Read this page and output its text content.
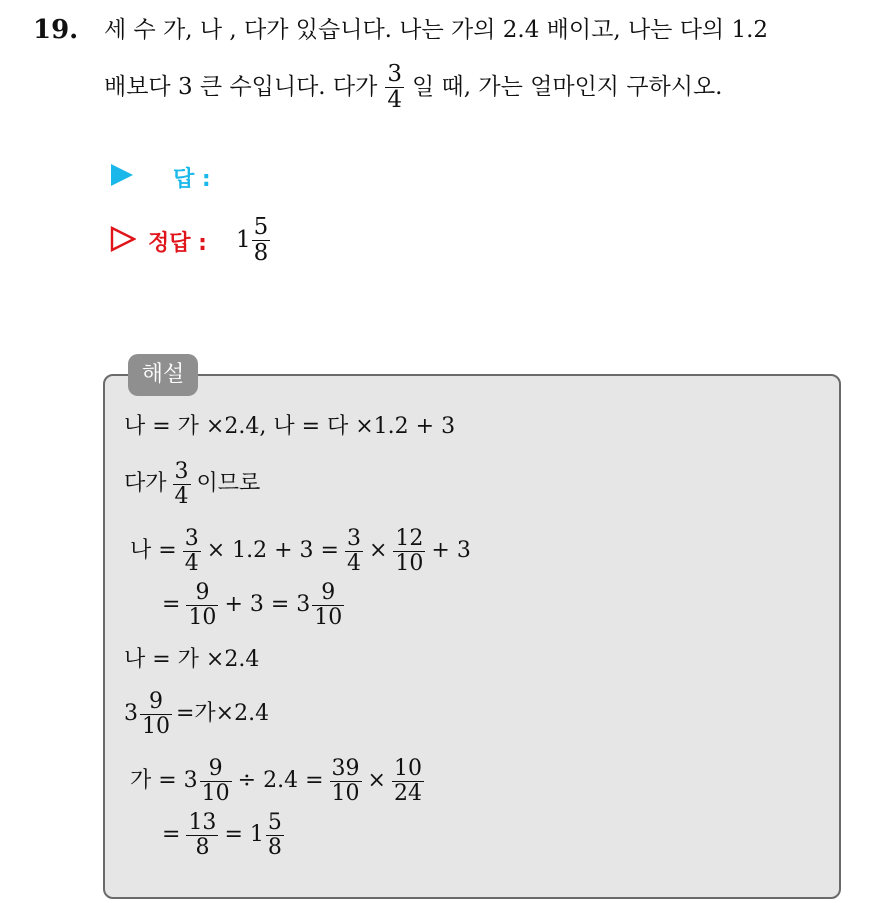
19. 세 수 가, 나 , 다가 있습니다. 나는 가의 2.4 배이고, 나는 다의 1.2
배보다 3 큰 수입니다. 다가 $\frac{3}{4}$ 일 때, 가는 얼마인지 구하시오.
답 :
정답 : $1 \frac{5}{8}$
해설
나 = 가 ×2.4, 나 = 다 ×1.2 + 3
다가 $\frac{3}{4}$ 이므로
나 = $\frac{3}{4} \times 1.2 + 3 = \frac{3}{4} \times \frac{12}{10} + 3$
= $\frac{9}{10} + 3 = 3 \frac{9}{10}$
나 = 가 ×2.4
$3 \frac{9}{10}$ =가×2.4
가 = $3 \frac{9}{10} \div 2.4 = \frac{39}{10} \times \frac{10}{24}$
= $\frac{13}{8} = 1 \frac{5}{8}$
